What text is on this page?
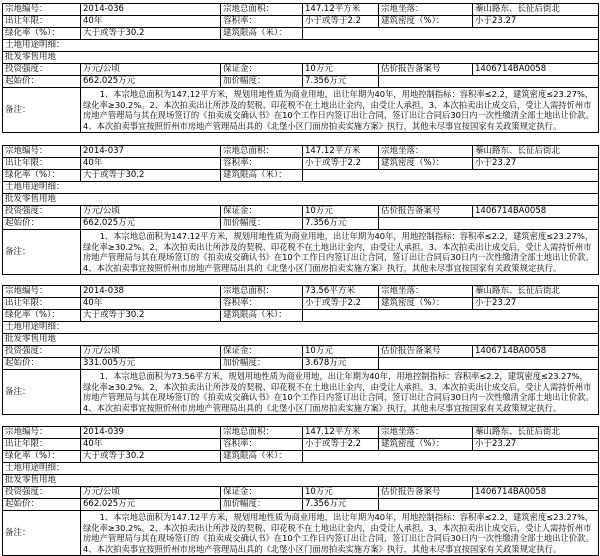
宗地编号：	2014-036	宗地总面积：	147.12平方米	宗地坐落：	蓁山路东、长征后街北
出让年限：	40年	容积率：	小于或等于2.2	建筑密度（%）：	小于23.27
绿化率（%）：	大于或等于30.2	建筑限高（米）：			
土地用途明细：					
批发零售用地					
投资强度：	万元/公顷	保证金：	10万元	估价报告备案号	1406714BA0058
起始价：	662.025万元	加价幅度：	7.356万元		
备注：	　　1、本宗地总面积为147.12平方米，规划用地性质为商业用地，出让年期为40年，用地控制指标：容积率≤2.2，建筑密度≤23.27%，绿化率≥30.2%。2、本次拍卖出让所涉及的契税、印花税不在土地出让金内，由受让人承担。3、本次拍卖出让成交后，受让人需持忻州市房地产管理局与其在现场签订的《拍卖成交确认书》在10个工作日内签订出让合同，签订出让合同后30日内一次性缴清全部土地出让价款。4、本次拍卖事宜按照忻州市房地产管理局出具的《北堡小区门面房拍卖实施方案》执行，其他未尽事宜按国家有关政策规定执行。				
宗地编号：	2014-037	宗地总面积：	147.12平方米	宗地坐落：	蓁山路东、长征后街北
出让年限：	40年	容积率：	小于或等于2.2	建筑密度（%）：	小于23.27
绿化率（%）：	大于或等于30.2	建筑限高（米）：			
土地用途明细：					
批发零售用地					
投资强度：	万元/公顷	保证金：	10万元	估价报告备案号	1406714BA0058
起始价：	662.025万元	加价幅度：	7.356万元		
备注：	　　1、本宗地总面积为147.12平方米，规划用地性质为商业用地，出让年期为40年，用地控制指标：容积率≤2.2，建筑密度≤23.27%，绿化率≥30.2%。2、本次拍卖出让所涉及的契税、印花税不在土地出让金内，由受让人承担。3、本次拍卖出让成交后，受让人需持忻州市房地产管理局与其在现场签订的《拍卖成交确认书》在10个工作日内签订出让合同，签订出让合同后30日内一次性缴清全部土地出让价款。4、本次拍卖事宜按照忻州市房地产管理局出具的《北堡小区门面房拍卖实施方案》执行，其他未尽事宜按国家有关政策规定执行。				
宗地编号：	2014-038	宗地总面积：	73.56平方米	宗地坐落：	蓁山路东、长征后街北
出让年限：	40年	容积率：	小于或等于2.2	建筑密度（%）：	小于23.27
绿化率（%）：	大于或等于30.2	建筑限高（米）：			
土地用途明细：					
批发零售用地					
投资强度：	万元/公顷	保证金：	10万元	估价报告备案号	1406714BA0058
起始价：	331.005万元	加价幅度：	3.678万元		
备注：	　　1、本宗地总面积为73.56平方米，规划用地性质为商业用地，出让年期为40年，用地控制指标：容积率≤2.2，建筑密度≤23.27%，绿化率≥30.2%。2、本次拍卖出让所涉及的契税、印花税不在土地出让金内，由受让人承担。3、本次拍卖出让成交后，受让人需持忻州市房地产管理局与其在现场签订的《拍卖成交确认书》在10个工作日内签订出让合同，签订出让合同后30日内一次性缴清全部土地出让价款。4、本次拍卖事宜按照忻州市房地产管理局出具的《北堡小区门面房拍卖实施方案》执行，其他未尽事宜按国家有关政策规定执行。				
宗地编号：	2014-039	宗地总面积：	147.12平方米	宗地坐落：	蓁山路东、长征后街北
出让年限：	40年	容积率：	小于或等于2.2	建筑密度（%）：	小于23.27
绿化率（%）：	大于或等于30.2	建筑限高（米）：			
土地用途明细：					
批发零售用地					
投资强度：	万元/公顷	保证金：	10万元	估价报告备案号	1406714BA0058
起始价：	662.025万元	加价幅度：	7.356万元		
备注：	　　1、本宗地总面积为147.12平方米，规划用地性质为商业用地，出让年期为40年，用地控制指标：容积率≤2.2，建筑密度≤23.27%，绿化率≥30.2%。2、本次拍卖出让所涉及的契税、印花税不在土地出让金内，由受让人承担。3、本次拍卖出让成交后，受让人需持忻州市房地产管理局与其在现场签订的《拍卖成交确认书》在10个工作日内签订出让合同，签订出让合同后30日内一次性缴清全部土地出让价款。4、本次拍卖事宜按照忻州市房地产管理局出具的《北堡小区门面房拍卖实施方案》执行，其他未尽事宜按国家有关政策规定执行。				
